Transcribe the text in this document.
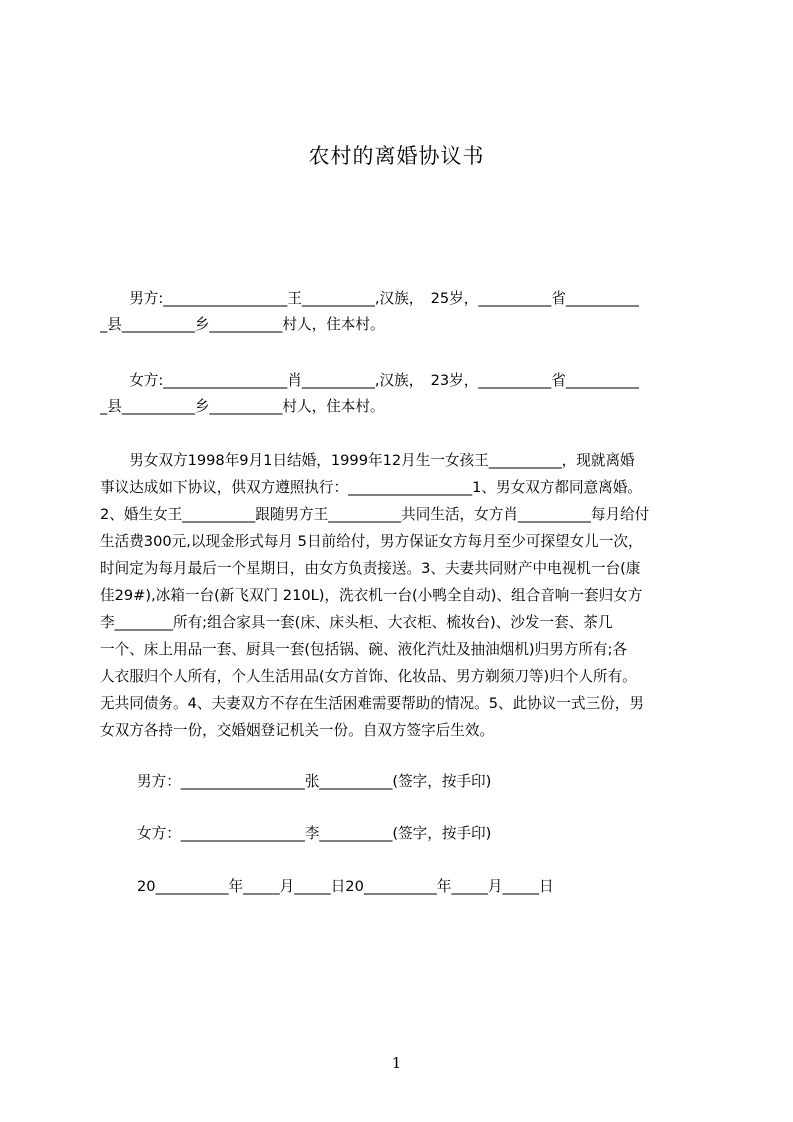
农村的离婚协议书
　　男方:_________________王__________,汉族，　25岁，__________省__________
_县__________乡__________村人，住本村。
　　女方:_________________肖__________,汉族，　23岁，__________省__________
_县__________乡__________村人，住本村。
　　男女双方1998年9月1日结婚，1999年12月生一女孩王__________，现就离婚
事议达成如下协议，供双方遵照执行：_________________1、男女双方都同意离婚。
2、婚生女王__________跟随男方王__________共同生活，女方肖__________每月给付
生活费300元,以现金形式每月 5日前给付，男方保证女方每月至少可探望女儿一次，
时间定为每月最后一个星期日，由女方负责接送。3、夫妻共同财产中电视机一台(康
佳29#),冰箱一台(新飞双门 210L)，洗衣机一台(小鸭全自动)、组合音响一套归女方
李________所有;组合家具一套(床、床头柜、大衣柜、梳妆台)、沙发一套、茶几
一个、床上用品一套、厨具一套(包括锅、碗、液化汽灶及抽油烟机)归男方所有;各
人衣服归个人所有，个人生活用品(女方首饰、化妆品、男方剃须刀等)归个人所有。
无共同债务。4、夫妻双方不存在生活困难需要帮助的情况。5、此协议一式三份，男
女双方各持一份，交婚姻登记机关一份。自双方签字后生效。
男方：_________________张__________(签字，按手印)
女方：_________________李__________(签字，按手印)
20__________年_____月_____日20__________年_____月_____日
1
